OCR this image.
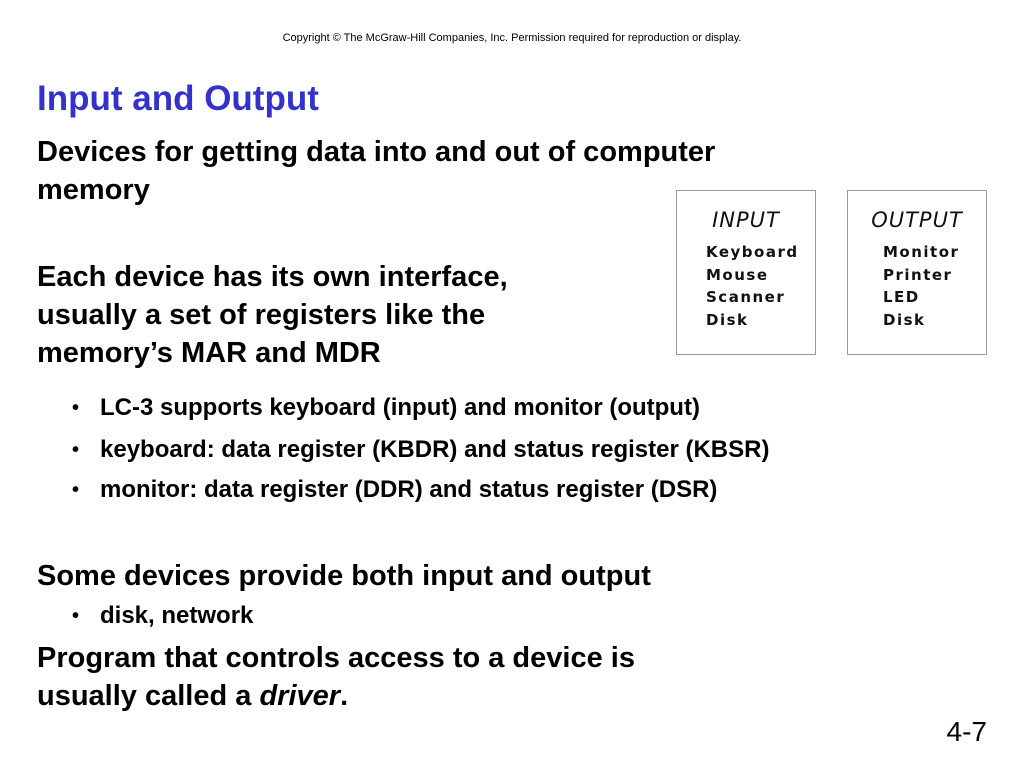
Copyright © The McGraw-Hill Companies, Inc. Permission required for reproduction or display.
Input and Output
Devices for getting data into and out of computer
memory
Each device has its own interface,
usually a set of registers like the
memory’s MAR and MDR
• LC-3 supports keyboard (input) and monitor (output)
• keyboard: data register (KBDR) and status register (KBSR)
• monitor: data register (DDR) and status register (DSR)
Some devices provide both input and output
• disk, network
Program that controls access to a device is
usually called a driver.
INPUT
Keyboard
Mouse
Scanner
Disk
OUTPUT
Monitor
Printer
LED
Disk
4-7
